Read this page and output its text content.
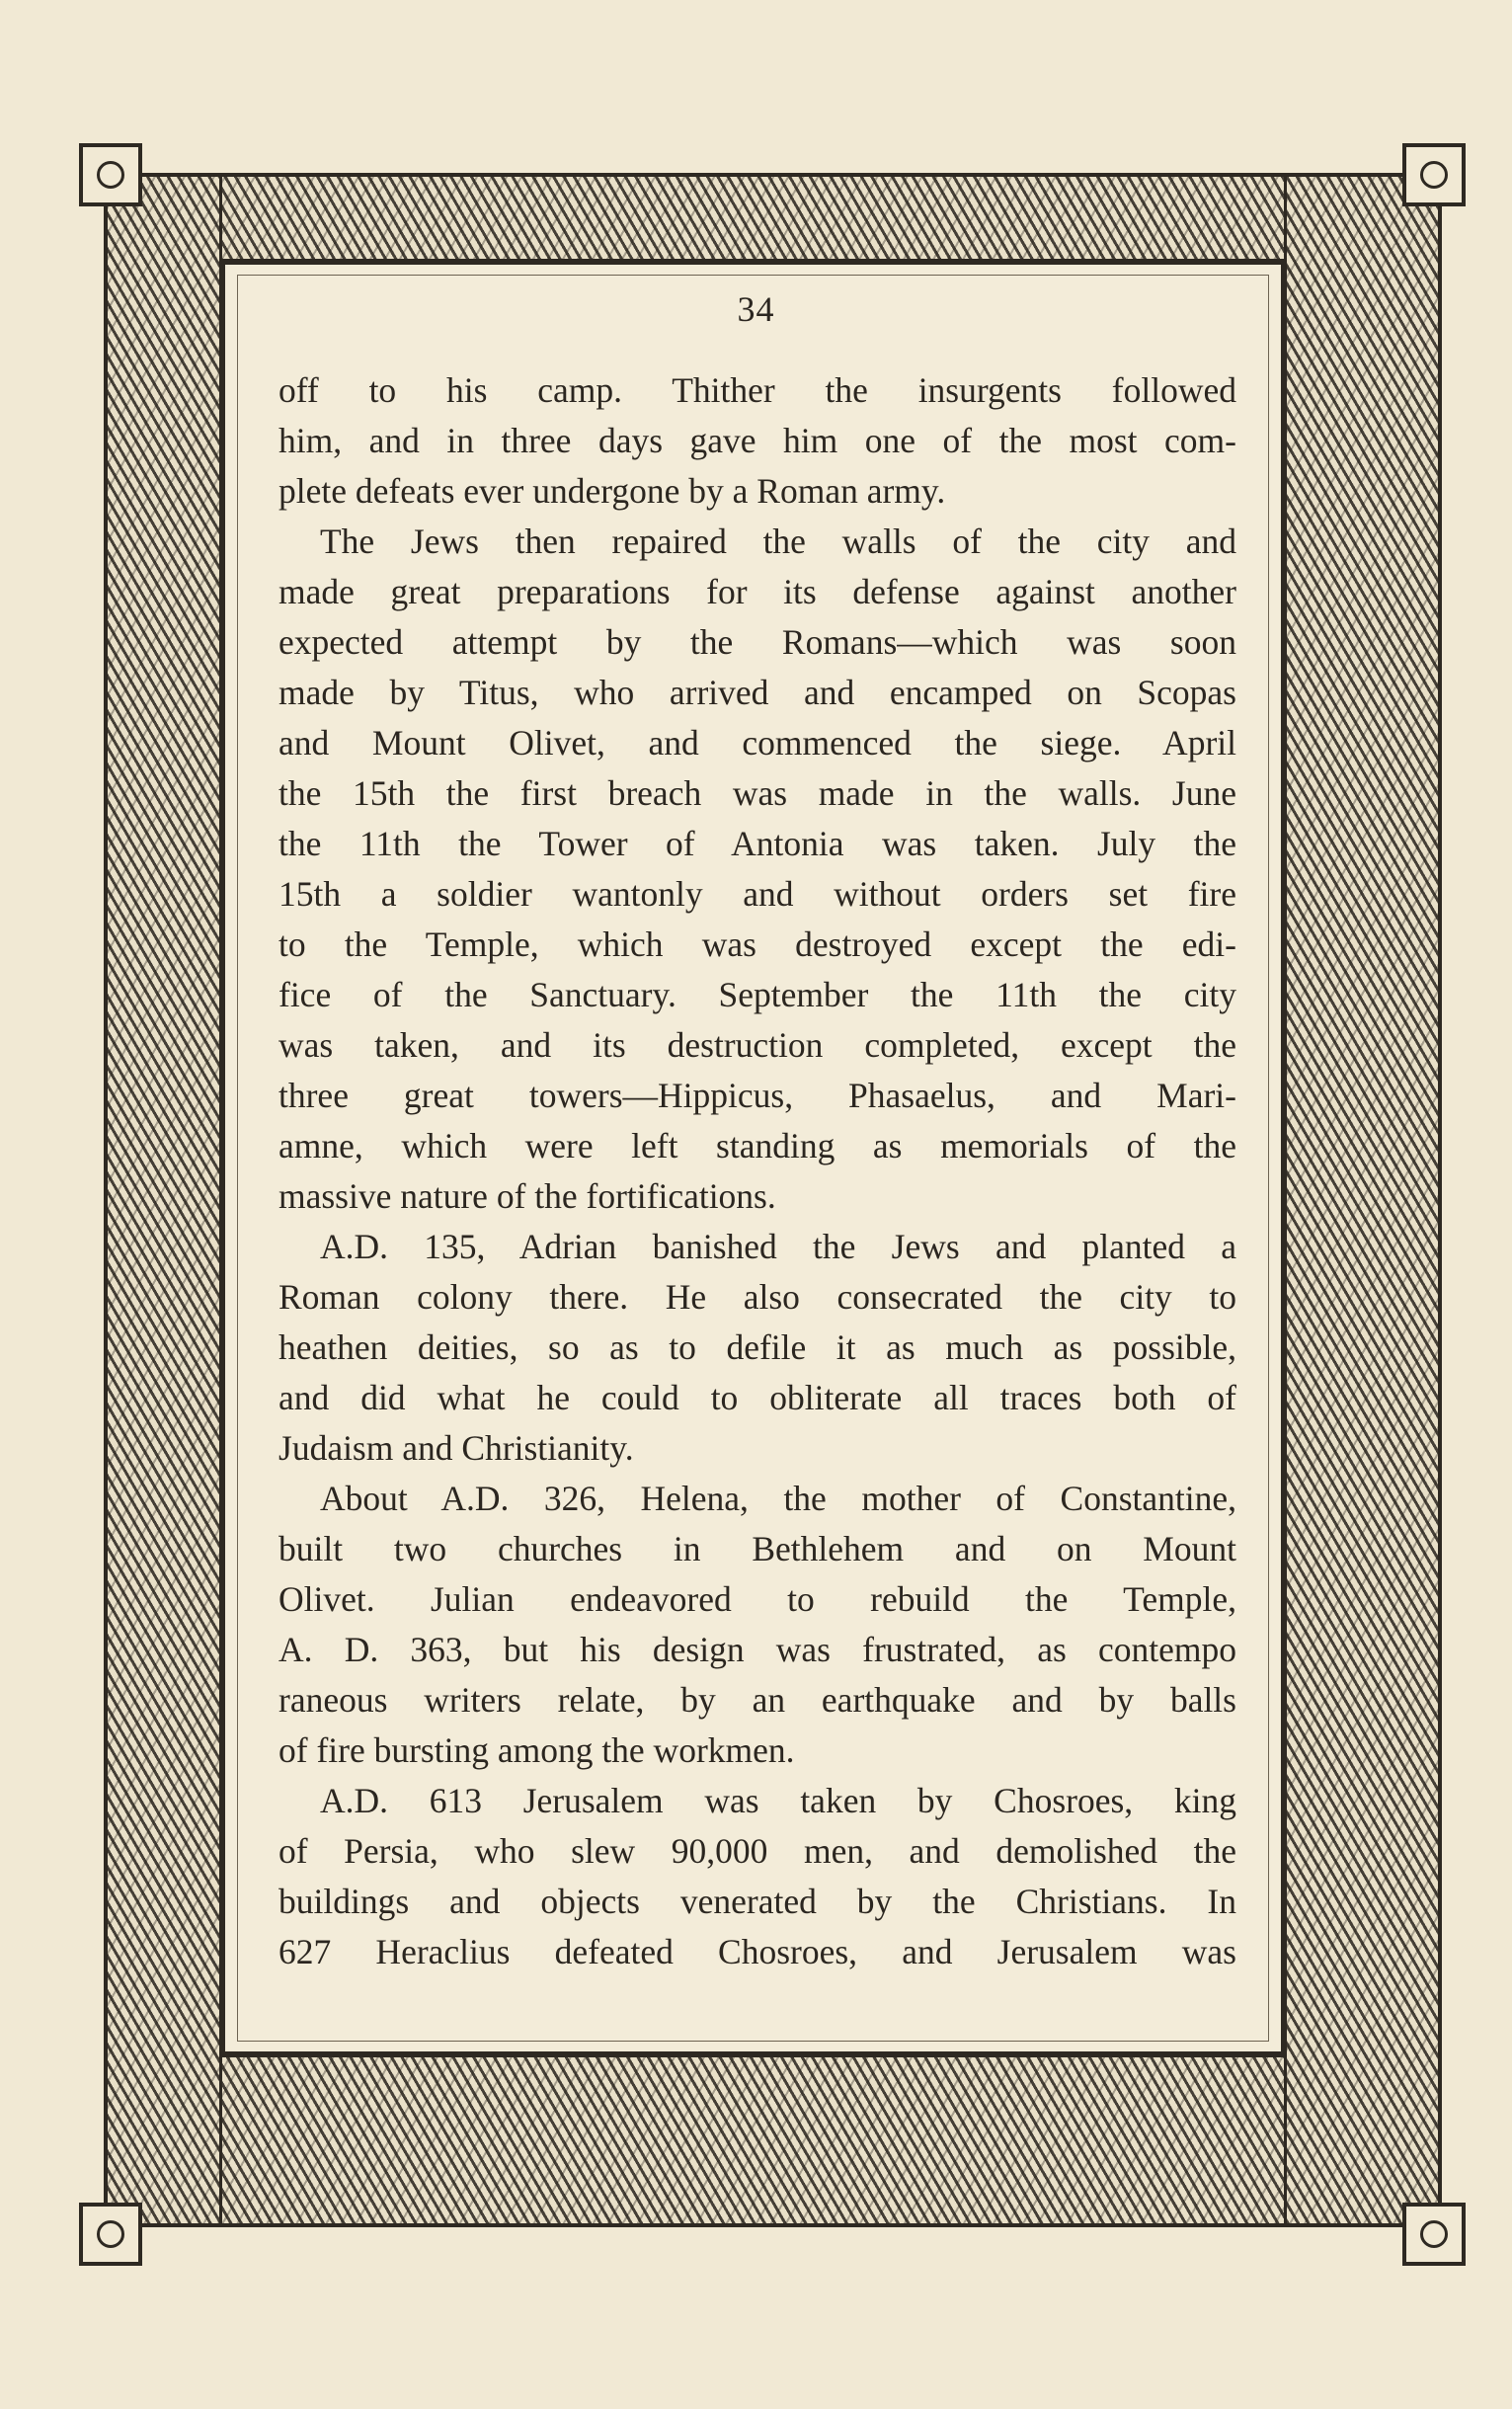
34
off to his camp. Thither the insurgents followed
him, and in three days gave him one of the most com-
plete defeats ever undergone by a Roman army.
The Jews then repaired the walls of the city and
made great preparations for its defense against another
expected attempt by the Romans—which was soon
made by Titus, who arrived and encamped on Scopas
and Mount Olivet, and commenced the siege. April
the 15th the first breach was made in the walls. June
the 11th the Tower of Antonia was taken. July the
15th a soldier wantonly and without orders set fire
to the Temple, which was destroyed except the edi-
fice of the Sanctuary. September the 11th the city
was taken, and its destruction completed, except the
three great towers—Hippicus, Phasaelus, and Mari-
amne, which were left standing as memorials of the
massive nature of the fortifications.
A.D. 135, Adrian banished the Jews and planted a
Roman colony there. He also consecrated the city to
heathen deities, so as to defile it as much as possible,
and did what he could to obliterate all traces both of
Judaism and Christianity.
About A.D. 326, Helena, the mother of Constantine,
built two churches in Bethlehem and on Mount
Olivet. Julian endeavored to rebuild the Temple,
A. D. 363, but his design was frustrated, as contempo
raneous writers relate, by an earthquake and by balls
of fire bursting among the workmen.
A.D. 613 Jerusalem was taken by Chosroes, king
of Persia, who slew 90,000 men, and demolished the
buildings and objects venerated by the Christians. In
627 Heraclius defeated Chosroes, and Jerusalem was
